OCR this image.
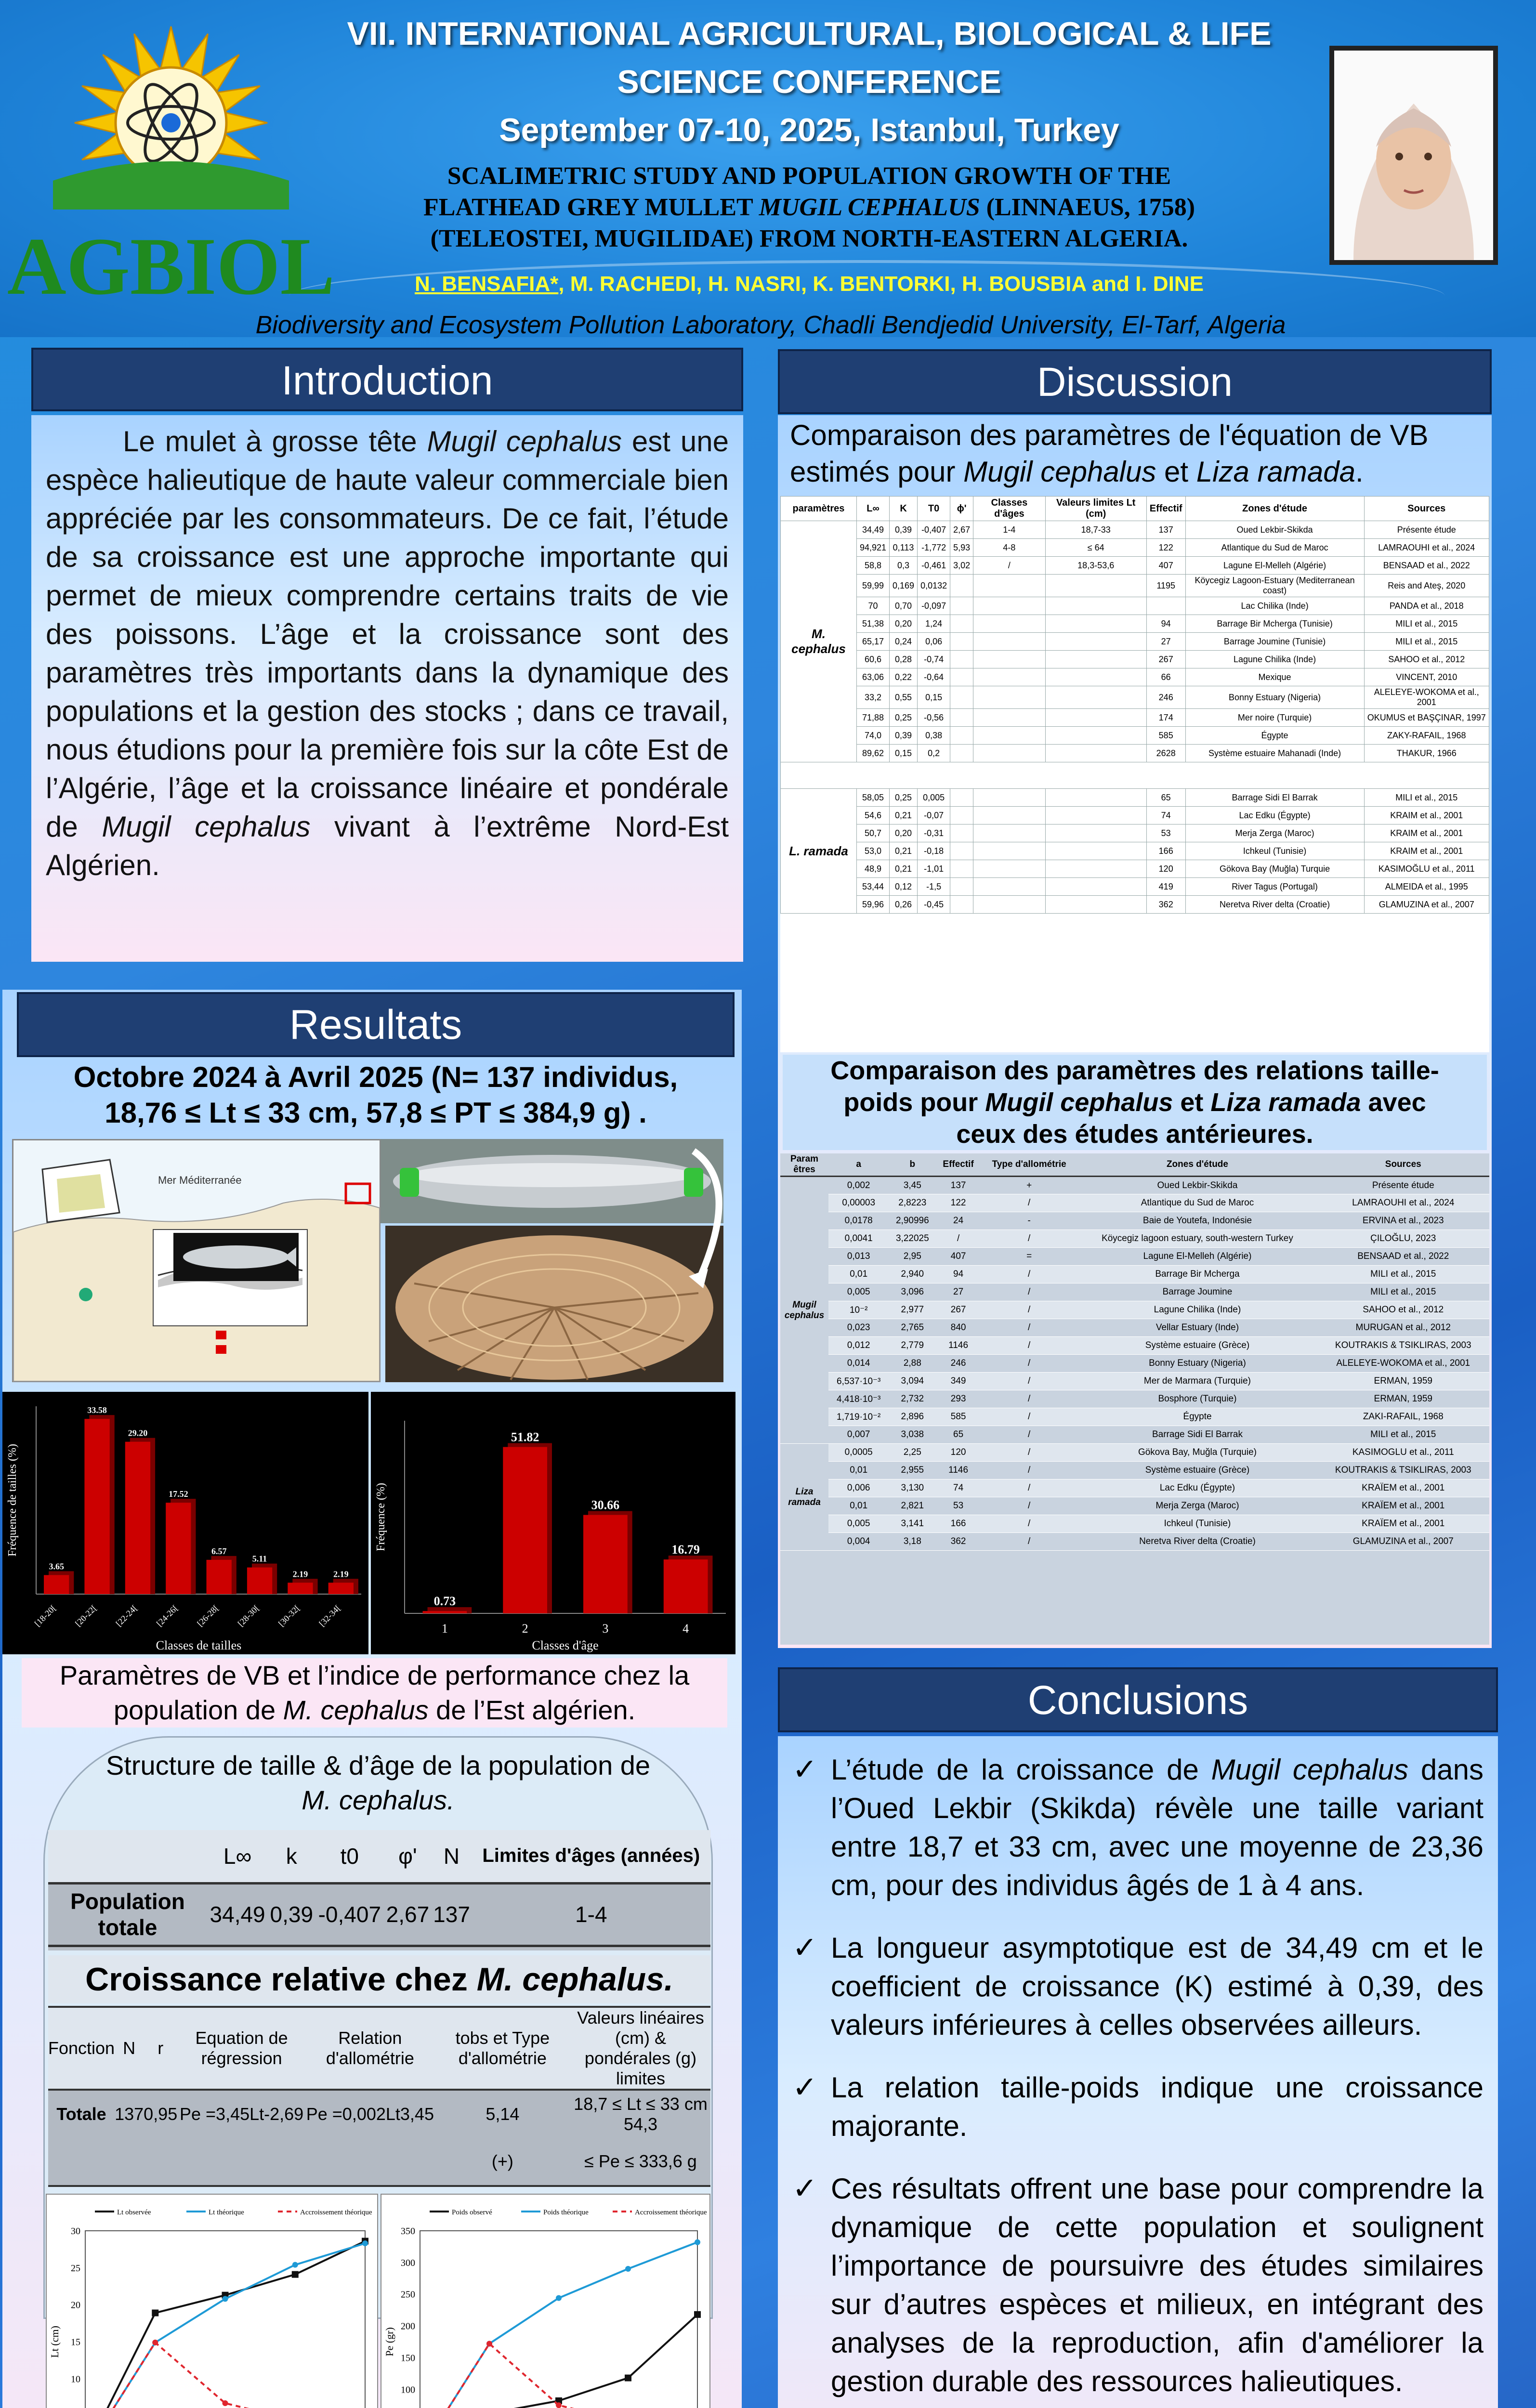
AGBIOL
VII. INTERNATIONAL AGRICULTURAL, BIOLOGICAL & LIFE
SCIENCE CONFERENCE
September 07-10, 2025, Istanbul, Turkey
SCALIMETRIC STUDY AND POPULATION GROWTH OF THE
FLATHEAD GREY MULLET MUGIL CEPHALUS (LINNAEUS, 1758)
(TELEOSTEI, MUGILIDAE) FROM NORTH-EASTERN ALGERIA.
N. BENSAFIA*, M. RACHEDI, H. NASRI, K. BENTORKI, H. BOUSBIA and I. DINE
Biodiversity and Ecosystem Pollution Laboratory, Chadli Bendjedid University, El-Tarf, Algeria
Introduction

Le mulet à grosse tête Mugil cephalus est une espèce halieutique de haute valeur commerciale bien appréciée par les consommateurs. De ce fait, l’étude de sa croissance est une approche importante qui permet de mieux comprendre certains traits de vie des poissons. L’âge et la croissance sont des paramètres très importants dans la dynamique des populations et la gestion des stocks ; dans ce travail, nous étudions pour la première fois sur la côte Est de l’Algérie, l’âge et la croissance linéaire et pondérale de Mugil cephalus vivant à l’extrême Nord-Est Algérien.

Resultats
Octobre 2024 à Avril 2025 (N= 137 individus,
18,76 ≤ Lt ≤ 33 cm, 57,8 ≤ PT ≤ 384,9 g) .
Mer Méditerranée
3.65
[18-20[
33.58
[20-22[
29.20
[22-24[
17.52
[24-26[
6.57
[26-28[
5.11
[28-30[
2.19
[30-32[
2.19
[32-34[
Classes de tailles
Fréquence de tailles (%)
0.73
1
51.82
2
30.66
3
16.79
4
Classes d'âge
Fréquence (%)
Paramètres de VB et l’indice de performance chez la
population de M. cephalus de l’Est algérien.
Structure de taille & d’âge de la population de
M. cephalus.
	L∞	k	t0	φ'	N	Limites d'âges (années)
Population totale	34,49	0,39	-0,407	2,67	137	1-4
Croissance relative chez M. cephalus.
Fonction	N	r	Equation de régression	Relation d'allométrie	tobs et Type d'allométrie	Valeurs linéaires (cm) & pondérales (g) limites
Totale	137	0,95	Pe =3,45Lt-2,69	Pe =0,002Lt3,45	5,14	18,7 ≤ Lt ≤ 33 cm 54,3
					(+)	≤ Pe ≤ 333,6 g
10
15
20
25
30
Lt (cm)
Lt observée	Lt théorique	Accroissement théorique
100
150
200
250
300
350
Pe (gr)
Poids observé	Poids théorique	Accroissement théorique
Discussion
Comparaison des paramètres de l'équation de VB estimés pour Mugil cephalus et Liza ramada.
paramètres	L∞	K	T0	ϕ'	Classes d'âges	Valeurs limites Lt (cm)	Effectif	Zones d'étude	Sources
M. cephalus	34,49	0,39	-0,407	2,67	1-4	18,7-33	137	Oued Lekbir-Skikda	Présente étude
	94,921	0,113	-1,772	5,93	4-8	≤ 64	122	Atlantique du Sud de Maroc	LAMRAOUHI et al., 2024
	58,8	0,3	-0,461	3,02	/	18,3-53,6	407	Lagune El-Melleh (Algérie)	BENSAAD et al., 2022
	59,99	0,169	0,0132				1195	Köycegiz Lagoon-Estuary (Mediterranean coast)	Reis and Ateş, 2020
	70	0,70	-0,097					Lac Chilika (Inde)	PANDA et al., 2018
	51,38	0,20	1,24				94	Barrage Bir Mcherga (Tunisie)	MILI et al., 2015
	65,17	0,24	0,06				27	Barrage Joumine (Tunisie)	MILI et al., 2015
	60,6	0,28	-0,74				267	Lagune Chilika (Inde)	SAHOO et al., 2012
	63,06	0,22	-0,64				66	Mexique	VINCENT, 2010
	33,2	0,55	0,15				246	Bonny Estuary (Nigeria)	ALELEYE-WOKOMA et al., 2001
	71,88	0,25	-0,56				174	Mer noire (Turquie)	OKUMUS et BAŞÇINAR, 1997
	74,0	0,39	0,38				585	Égypte	ZAKY-RAFAIL, 1968
	89,62	0,15	0,2				2628	Système estuaire Mahanadi (Inde)	THAKUR, 1966

L. ramada	58,05	0,25	0,005				65	Barrage Sidi El Barrak	MILI et al., 2015
	54,6	0,21	-0,07				74	Lac Edku (Égypte)	KRAIM et al., 2001
	50,7	0,20	-0,31				53	Merja Zerga (Maroc)	KRAIM et al., 2001
	53,0	0,21	-0,18				166	Ichkeul (Tunisie)	KRAIM et al., 2001
	48,9	0,21	-1,01				120	Gökova Bay (Muğla) Turquie	KASIMOĞLU et al., 2011
	53,44	0,12	-1,5				419	River Tagus (Portugal)	ALMEIDA et al., 1995
	59,96	0,26	-0,45				362	Neretva River delta (Croatie)	GLAMUZINA et al., 2007
Comparaison des paramètres des relations taille-
poids pour Mugil cephalus et Liza ramada avec
ceux des études antérieures.
Param êtres	a	b	Effectif	Type d'allométrie	Zones d'étude	Sources
Mugil cephalus	0,002	3,45	137	+	Oued Lekbir-Skikda	Présente étude
	0,00003	2,8223	122	/	Atlantique du Sud de Maroc	LAMRAOUHI et al., 2024
	0,0178	2,90996	24	-	Baie de Youtefa, Indonésie	ERVINA et al., 2023
	0,0041	3,22025	/	/	Köycegiz lagoon estuary, south-western Turkey	ÇILOĞLU, 2023
	0,013	2,95	407	=	Lagune El-Melleh (Algérie)	BENSAAD et al., 2022
	0,01	2,940	94	/	Barrage Bir Mcherga	MILI et al., 2015
	0,005	3,096	27	/	Barrage Joumine	MILI et al., 2015
	10⁻²	2,977	267	/	Lagune Chilika (Inde)	SAHOO et al., 2012
	0,023	2,765	840	/	Vellar Estuary (Inde)	MURUGAN et al., 2012
	0,012	2,779	1146	/	Système estuaire (Grèce)	KOUTRAKIS & TSIKLIRAS, 2003
	0,014	2,88	246	/	Bonny Estuary (Nigeria)	ALELEYE-WOKOMA et al., 2001
	6,537·10⁻³	3,094	349	/	Mer de Marmara (Turquie)	ERMAN, 1959
	4,418·10⁻³	2,732	293	/	Bosphore (Turquie)	ERMAN, 1959
	1,719·10⁻²	2,896	585	/	Égypte	ZAKI-RAFAIL, 1968
	0,007	3,038	65	/	Barrage Sidi El Barrak	MILI et al., 2015
Liza ramada	0,0005	2,25	120	/	Gökova Bay, Muğla (Turquie)	KASIMOGLU et al., 2011
	0,01	2,955	1146	/	Système estuaire (Grèce)	KOUTRAKIS & TSIKLIRAS, 2003
	0,006	3,130	74	/	Lac Edku (Égypte)	KRAÏEM et al., 2001
	0,01	2,821	53	/	Merja Zerga (Maroc)	KRAÏEM et al., 2001
	0,005	3,141	166	/	Ichkeul (Tunisie)	KRAÏEM et al., 2001
	0,004	3,18	362	/	Neretva River delta (Croatie)	GLAMUZINA et al., 2007
Conclusions
✓ L’étude de la croissance de Mugil cephalus dans l’Oued Lekbir (Skikda) révèle une taille variant entre 18,7 et 33 cm, avec une moyenne de 23,36 cm, pour des individus âgés de 1 à 4 ans.
✓ La longueur asymptotique est de 34,49 cm et le coefficient de croissance (K) estimé à 0,39, des valeurs inférieures à celles observées ailleurs.
✓ La relation taille-poids indique une croissance majorante.
✓ Ces résultats offrent une base pour comprendre la dynamique de cette population et soulignent l’importance de poursuivre des études similaires sur d’autres espèces et milieux, en intégrant des analyses de la reproduction, afin d'améliorer la gestion durable des ressources halieutiques.
